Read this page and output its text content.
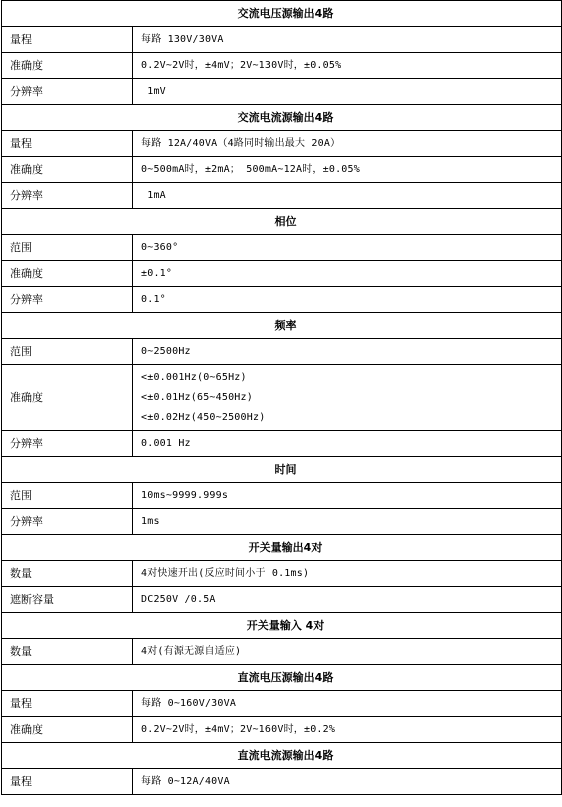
交流电压源输出4路	
量程	每路 130V/30VA

准确度	0.2V~2V时，±4mV；2V~130V时，±0.05%

分辨率	1mV

交流电流源输出4路	
量程	每路 12A/40VA（4路同时输出最大 20A）

准确度	0~500mA时，±2mA； 500mA~12A时，±0.05%

分辨率	1mA

相位	
范围	0~360°

准确度	±0.1°

分辨率	0.1°

频率	
范围	0~2500Hz

准确度	<±0.001Hz(0~65Hz)
<±0.01Hz(65~450Hz)
<±0.02Hz(450~2500Hz)

分辨率	0.001 Hz

时间	
范围	10ms~9999.999s

分辨率	1ms

开关量输出4对	
数量	4对快速开出(反应时间小于 0.1ms)

遮断容量	DC250V /0.5A

开关量输入 4对	
数量	4对(有源无源自适应)

直流电压源输出4路	
量程	每路 0~160V/30VA

准确度	0.2V~2V时，±4mV；2V~160V时，±0.2%

直流电流源输出4路	
量程	每路 0~12A/40VA
